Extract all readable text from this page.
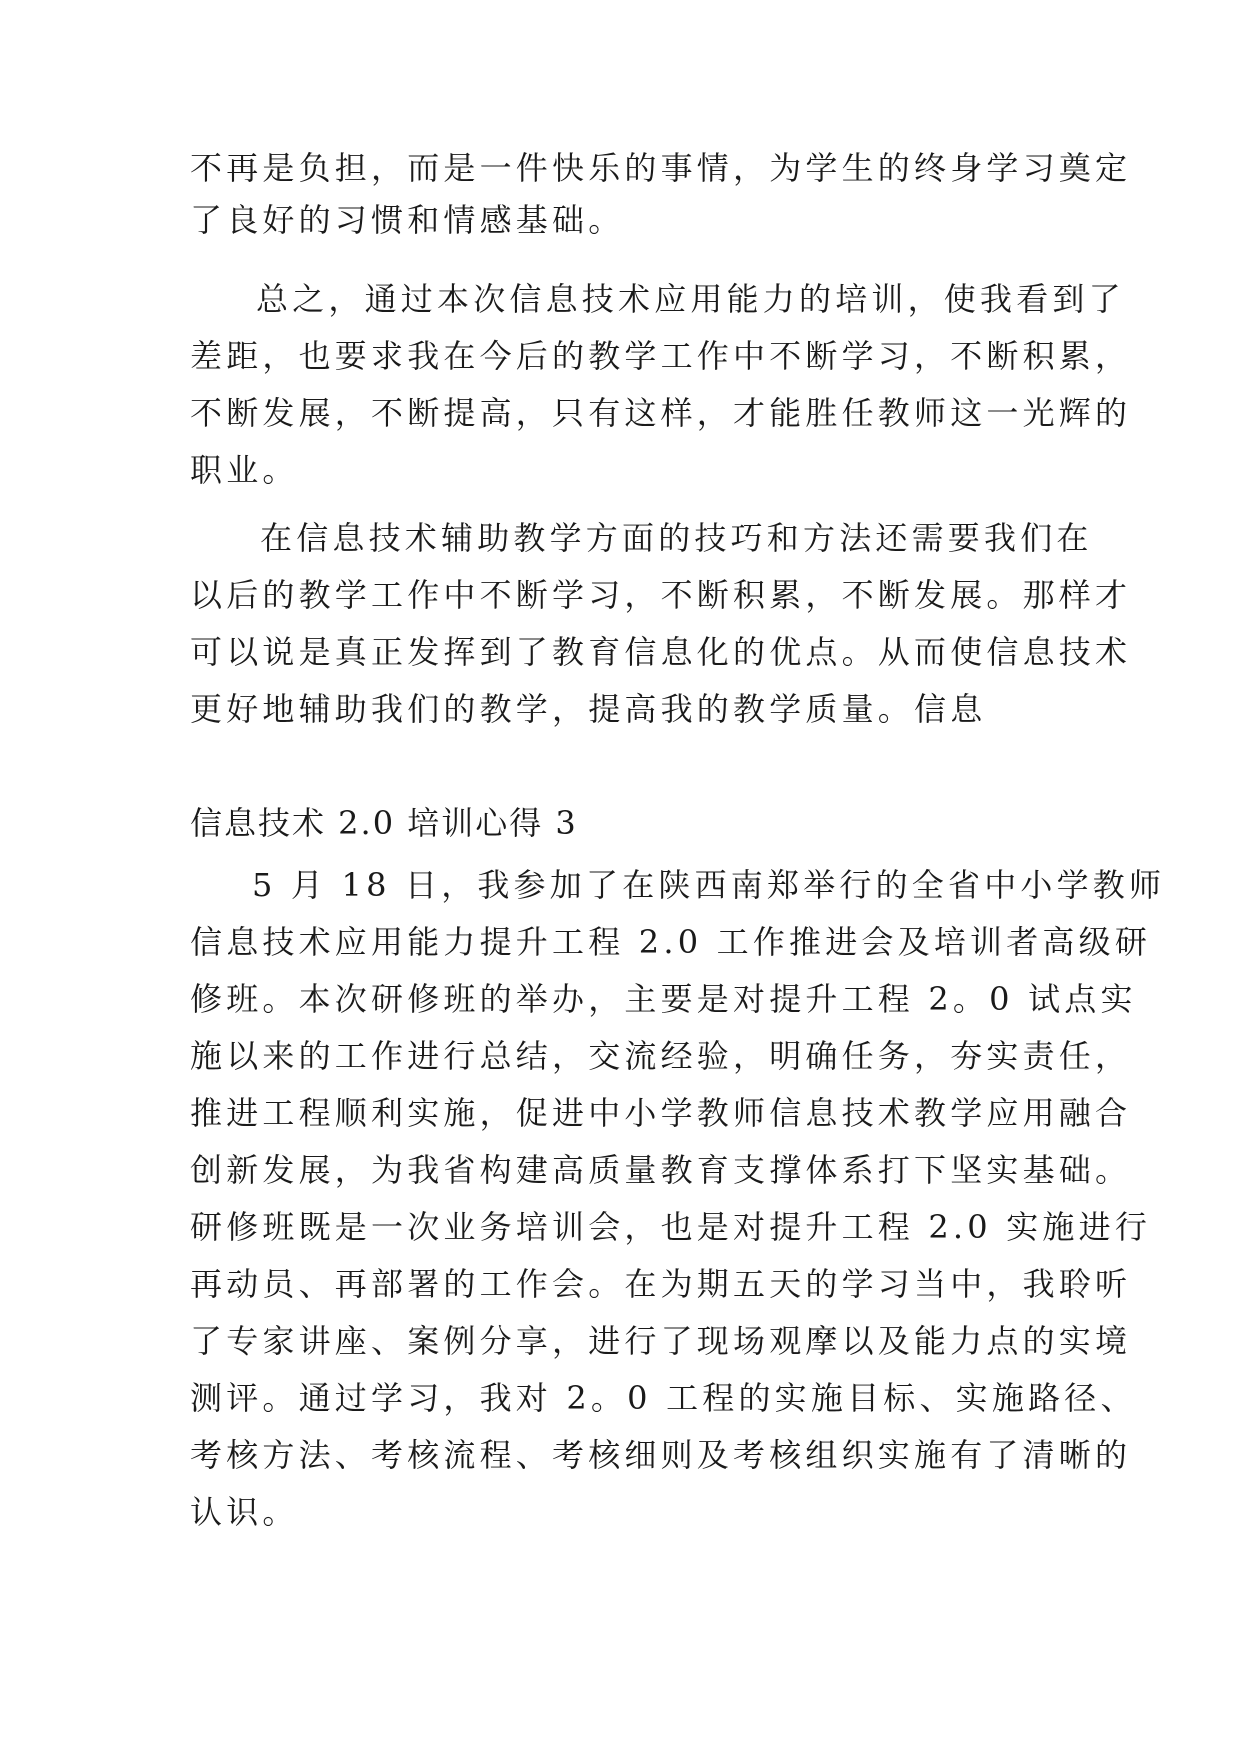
不再是负担，而是一件快乐的事情，为学生的终身学习奠定
了良好的习惯和情感基础。
总之，通过本次信息技术应用能力的培训，使我看到了
差距，也要求我在今后的教学工作中不断学习，不断积累，
不断发展，不断提高，只有这样，才能胜任教师这一光辉的
职业。
在信息技术辅助教学方面的技巧和方法还需要我们在
以后的教学工作中不断学习，不断积累，不断发展。那样才
可以说是真正发挥到了教育信息化的优点。从而使信息技术
更好地辅助我们的教学，提高我的教学质量。信息
信息技术 2.0 培训心得 3
5 月 18 日，我参加了在陕西南郑举行的全省中小学教师
信息技术应用能力提升工程 2.0 工作推进会及培训者高级研
修班。本次研修班的举办，主要是对提升工程 2。0 试点实
施以来的工作进行总结，交流经验，明确任务，夯实责任，
推进工程顺利实施，促进中小学教师信息技术教学应用融合
创新发展，为我省构建高质量教育支撑体系打下坚实基础。
研修班既是一次业务培训会，也是对提升工程 2.0 实施进行
再动员、再部署的工作会。在为期五天的学习当中，我聆听
了专家讲座、案例分享，进行了现场观摩以及能力点的实境
测评。通过学习，我对 2。0 工程的实施目标、实施路径、
考核方法、考核流程、考核细则及考核组织实施有了清晰的
认识。
